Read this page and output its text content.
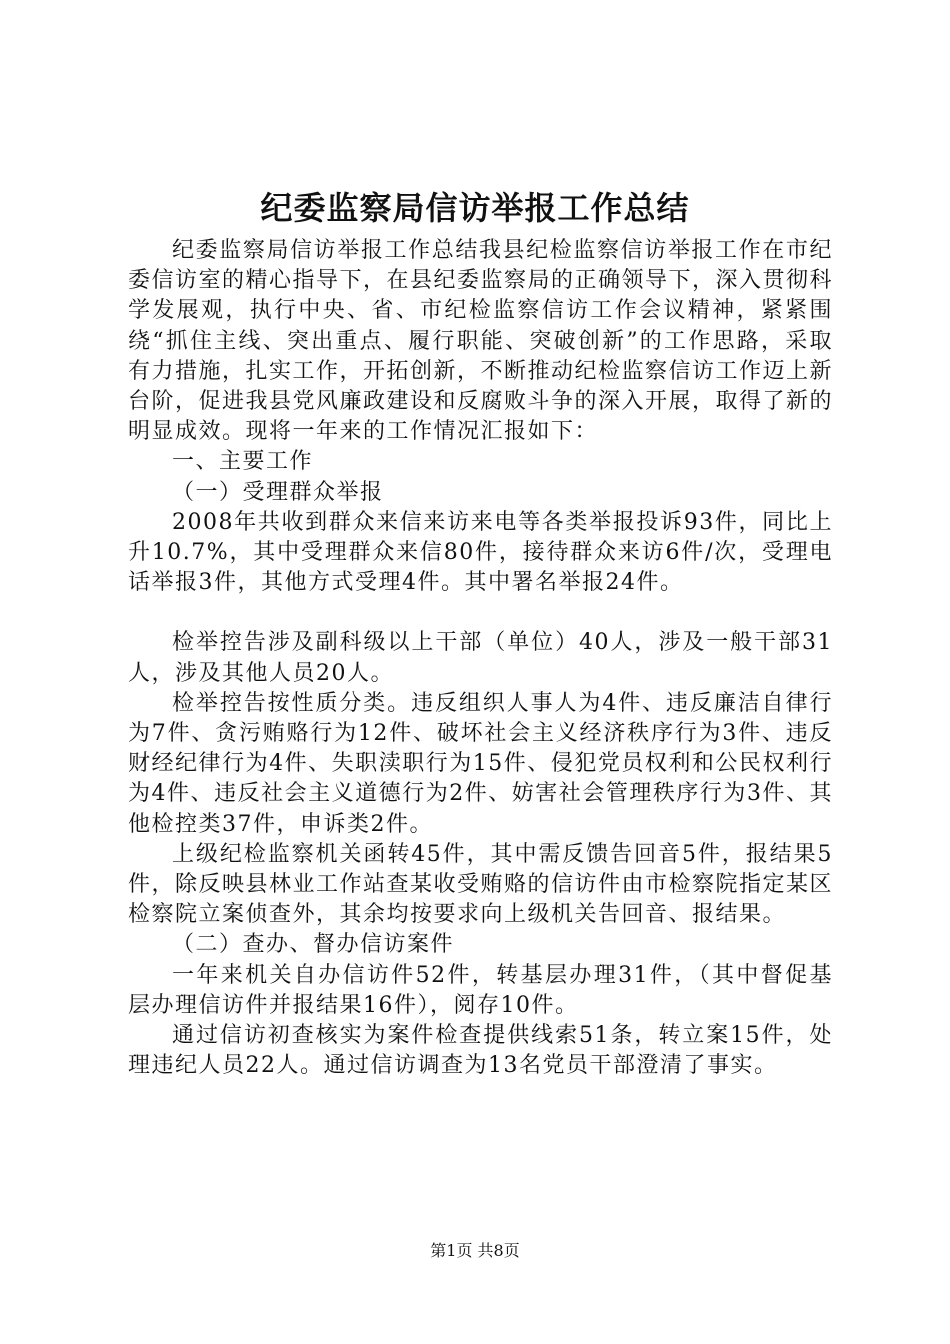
纪委监察局信访举报工作总结

纪委监察局信访举报工作总结我县纪检监察信访举报工作在市纪委信访室的精心指导下，在县纪委监察局的正确领导下，深入贯彻科学发展观，执行中央、省、市纪检监察信访工作会议精神，紧紧围绕“抓住主线、突出重点、履行职能、突破创新”的工作思路，采取有力措施，扎实工作，开拓创新，不断推动纪检监察信访工作迈上新台阶，促进我县党风廉政建设和反腐败斗争的深入开展，取得了新的明显成效。现将一年来的工作情况汇报如下：

一、主要工作

（一）受理群众举报

2008年共收到群众来信来访来电等各类举报投诉93件，同比上升10.7%，其中受理群众来信80件，接待群众来访6件/次，受理电话举报3件，其他方式受理4件。其中署名举报24件。

检举控告涉及副科级以上干部（单位）40人，涉及一般干部31人，涉及其他人员20人。

检举控告按性质分类。违反组织人事人为4件、违反廉洁自律行为7件、贪污贿赂行为12件、破坏社会主义经济秩序行为3件、违反财经纪律行为4件、失职渎职行为15件、侵犯党员权利和公民权利行为4件、违反社会主义道德行为2件、妨害社会管理秩序行为3件、其他检控类37件，申诉类2件。

上级纪检监察机关函转45件，其中需反馈告回音5件，报结果5件，除反映县林业工作站查某收受贿赂的信访件由市检察院指定某区检察院立案侦查外，其余均按要求向上级机关告回音、报结果。

（二）查办、督办信访案件

一年来机关自办信访件52件，转基层办理31件，（其中督促基层办理信访件并报结果16件），阅存10件。

通过信访初查核实为案件检查提供线索51条，转立案15件，处理违纪人员22人。通过信访调查为13名党员干部澄清了事实。

第1页 共8页
